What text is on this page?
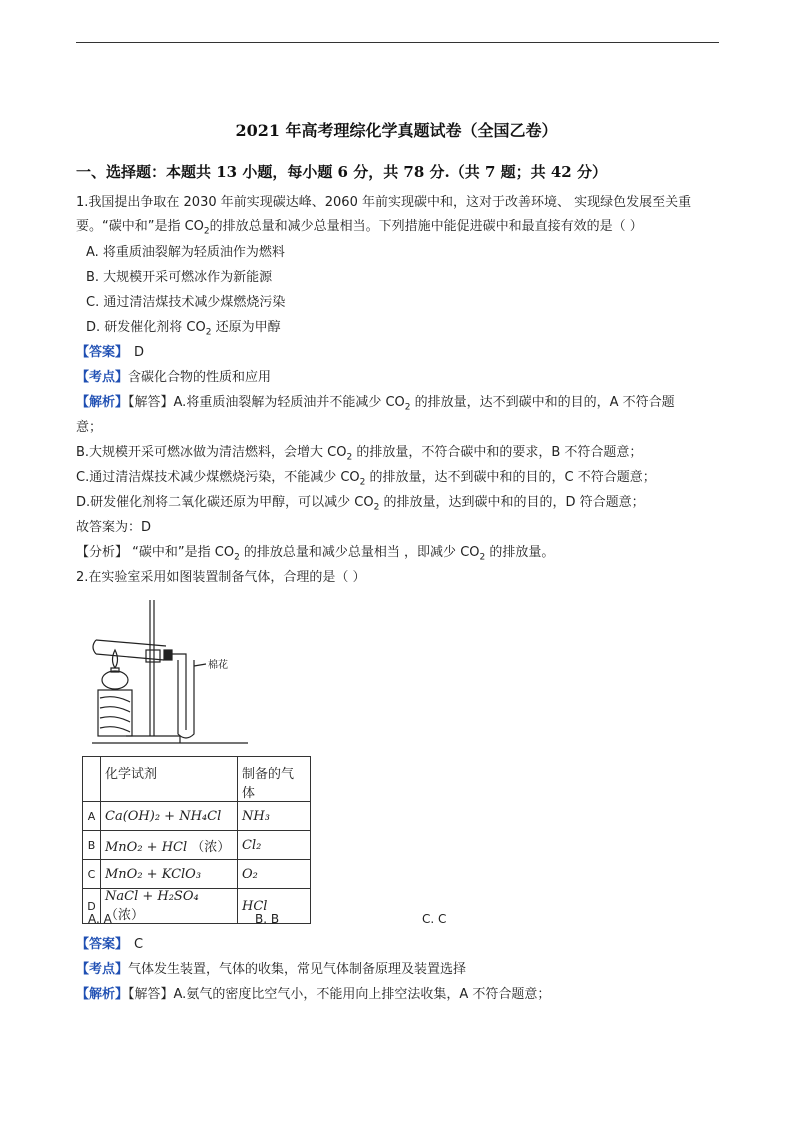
2021 年高考理综化学真题试卷（全国乙卷）
一、选择题：本题共 13 小题，每小题 6 分，共 78 分.（共 7 题；共 42 分）
1.我国提出争取在 2030 年前实现碳达峰、2060 年前实现碳中和，这对于改善环境、 实现绿色发展至关重
要。“碳中和”是指 $CO_2$的排放总量和减少总量相当。下列措施中能促进碳中和最直接有效的是（ ）
A. 将重质油裂解为轻质油作为燃料
B. 大规模开采可燃冰作为新能源
C. 通过清洁煤技术减少煤燃烧污染
D. 研发催化剂将 $CO_2$ 还原为甲醇
【答案】 D
【考点】含碳化合物的性质和应用
【解析】【解答】A.将重质油裂解为轻质油并不能减少 $CO_2$ 的排放量，达不到碳中和的目的，A 不符合题
意；
B.大规模开采可燃冰做为清洁燃料，会增大 $CO_2$ 的排放量，不符合碳中和的要求，B 不符合题意；
C.通过清洁煤技术减少煤燃烧污染，不能减少 $CO_2$ 的排放量，达不到碳中和的目的，C 不符合题意；
D.研发催化剂将二氧化碳还原为甲醇，可以减少 $CO_2$ 的排放量，达到碳中和的目的，D 符合题意；
故答案为：D
【分析】 “碳中和”是指 $CO_2$ 的排放总量和减少总量相当 ，即减少 $CO_2$ 的排放量。
2.在实验室采用如图装置制备气体，合理的是（ ）
棉花
	化学试剂	制备的气体
A	Ca(OH)₂ + NH₄Cl	NH₃
B	MnO₂ + HCl （浓）	Cl₂
C	MnO₂ + KClO₃	O₂
D	NaCl + H₂SO₄ （浓）	HCl
A. A	B. B	C. C
【答案】 C
【考点】气体发生装置，气体的收集，常见气体制备原理及装置选择
【解析】【解答】A.氨气的密度比空气小，不能用向上排空法收集，A 不符合题意；
